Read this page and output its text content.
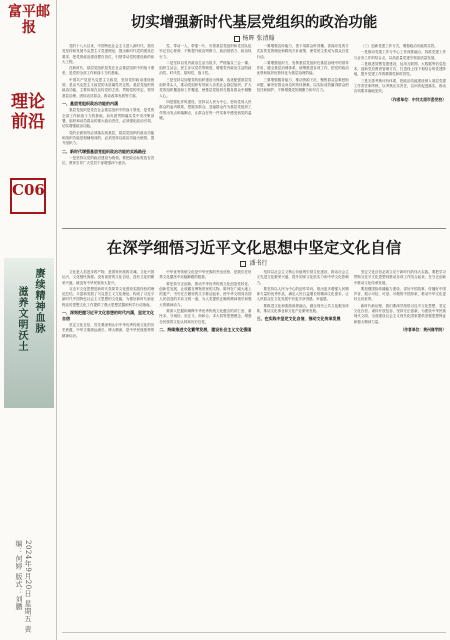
富平邮报
理论前沿
C06
赓续精神血脉
滋养文明沃土
2024年9月20日 星期五 责编：何婷 版式：刘鹏
切实增强新时代基层党组织的政治功能
杨晖 张清翰

党的十八大以来，中国特色社会主义进入新时代，我们党坚持和发展马克思主义党建理论，提出新时代党的建设总要求，把党的政治建设摆在首位，引领带动党的建设新的伟大工程。

在新时代，基层党组织是党在社会基层组织中的战斗堡垒，是党的全部工作和战斗力的基础。

中国共产党是马克思主义政党，坚持党的政治建设统领，是由马克思主义政党的本质属性决定的。基层党组织的政治功能，主要体现在宣传党的主张、贯彻党的决定、领导基层治理、团结动员群众、推动改革发展等方面。

一、基层党组织政治功能的内涵

基层党组织是党在社会基层组织中的战斗堡垒，是党的全部工作和战斗力的基础，肩负着贯彻落实党中央决策部署、组织和动员群众的重大政治责任，必须强化政治引领，切实增强政治功能。

党的全面领导必须落实到基层，基层党组织的政治功能和组织功能是相辅相成的，必须坚持以政治功能为统领，提升组织力。

二、新时代增强基层党组织政治功能的实践路径

一是坚持以党的政治建设为统领。要把政治标准放在首位，教育引导广大党员干部增强四个意识。

性，带动一人、带强一片，引领基层党组织和党员队伍牢记初心使命，不断提升政治判断力、政治领悟力、政治执行力。

二是坚持以党内政治生活为抓手，严格落实三会一课、组织生活会、民主评议党员等制度，增强党内政治生活的政治性、时代性、原则性、战斗性。

三是坚持以加强党的组织建设为保障，选优配强基层党组织带头人，推动党组织有效嵌入各类社会基层组织，扩大党的组织覆盖和工作覆盖，使基层党组织在服务群众中凝聚人心。

四是强化作风建设，坚持以人民为中心，密切党同人民群众的血肉联系，把服务群众、造福群众作为基层党组织工作的出发点和落脚点，让群众在每一件实事中感受到党的温暖。

一要增强宣传能力，善于用群众听得懂、喜闻乐见的方式宣传党的理论和路线方针政策，使党的主张成为群众自觉行动。

二要增强组织力，发挥基层党组织在基层治理中的领导作用，健全基层治理体系，统筹推进各项工作，把党的政治优势和组织优势转化为基层治理效能。

三要增强服务能力，推动资源下沉，聚焦群众急难愁盼问题，解决好群众身边的具体困难，以实际成效赢得群众的信任和拥护，不断增强党的凝聚力和号召力。

（三）创新党建工作方式，增强政治功能的实效。

一是推动党建工作与中心工作深度融合，找准党建工作与业务工作的结合点，以高质量党建引领高质量发展。

二是推进智慧党建建设，运用互联网、大数据等信息技术，创新党员教育管理方式，打造线上线下相结合的党建阵地，提升党建工作的精准性和时效性。

三是完善考核评价体系，把政治功能建设纳入基层党建工作责任制考核，以考核压实责任、以问责促进落实，推动各项要求落地见效。

（作者单位：中共太原市委党校）

在深学细悟习近平文化思想中坚定文化自信
潘书行

文化是人类进步的产物，是国家民族的灵魂。文化兴国运兴，文化强民族强。没有高度的文化自信，没有文化的繁荣兴盛，就没有中华民族伟大复兴。

习近平文化思想是新时代党领导文化建设实践经验的理论总结，丰富和发展了马克思主义文化理论，构成了习近平新时代中国特色社会主义思想的文化篇，为做好新时代新征程宣传思想文化工作提供了强大思想武器和科学行动指南。

一、深刻把握习近平文化思想的时代内涵，坚定文化自信

坚定文化自信，首先要深刻认识中华优秀传统文化的历史底蕴，中华文明源远流长、博大精深，是中华民族独特的精神标识。

中华优秀传统文化是中华民族的突出优势，是我们在世界文化激荡中站稳脚跟的根基。

要坚持守正创新，推动中华优秀传统文化创造性转化、创新性发展，让收藏在博物馆里的文物、陈列在广阔大地上的遗产、书写在古籍里的文字都活起来，使中华文明同各国人民创造的多彩文明一道，为人类提供正确的精神指引和强大的精神动力。

要深入挖掘和阐释中华优秀传统文化蕴含的讲仁爱、重民本、守诚信、崇正义、尚和合、求大同等思想理念，增强全民族的文化认同和历史自觉。

二、持续推进文化繁荣发展，建设社会主义文化强国

坚持以社会主义核心价值观引领文化建设，推动社会主义先进文化繁荣兴盛，提升国家文化软实力和中华文化影响力。

要坚持以人民为中心的创作导向，推出更多增强人民精神力量的优秀作品，满足人民日益增长的精神文化需求，让人民群众在文化发展中有更多获得感、幸福感。

要推进文化和旅游深度融合，健全现代公共文化服务体系，推动文化事业和文化产业繁荣发展。

三、在实践中坚定文化自信，推动文化传承发展

坚定文化自信必须立足于新时代的伟大实践。要把学习贯彻习近平文化思想同推动各项工作结合起来，在守正创新中推动文化传承发展。

要加强国际传播能力建设，讲好中国故事、传播好中国声音，展示可信、可爱、可敬的中国形象，推动中华文化更好走向世界。

新时代新征程，我们要深学细悟习近平文化思想，坚定文化自信、秉持开放包容、坚持守正创新，为建设中华民族现代文明、全面建设社会主义现代化国家提供坚强思想保证和强大精神力量。

（作者单位：贵州商学院）
